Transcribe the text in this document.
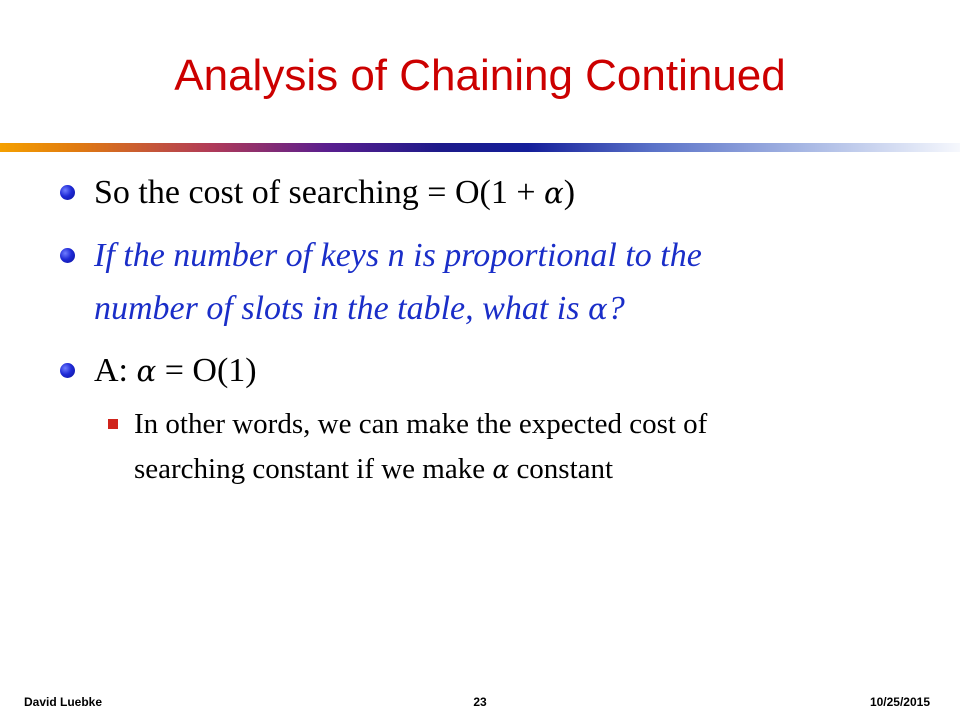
Analysis of Chaining Continued
So the cost of searching = O(1 + α)
If the number of keys n is proportional to the
number of slots in the table, what is α?
A: α = O(1)
In other words, we can make the expected cost of
searching constant if we make α constant
David Luebke	23	10/25/2015
